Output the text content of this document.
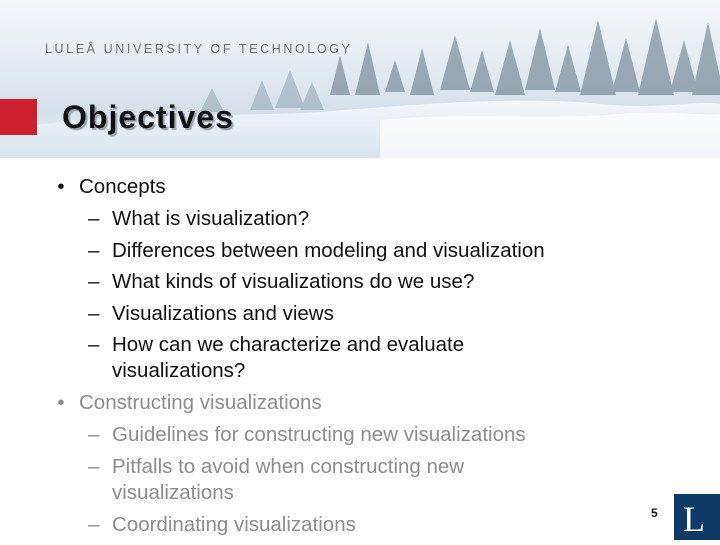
LULEÅ UNIVERSITY OF TECHNOLOGY
Objectives
• Concepts
– What is visualization?
– Differences between modeling and visualization
– What kinds of visualizations do we use?
– Visualizations and views
– How can we characterize and evaluate
visualizations?
• Constructing visualizations
– Guidelines for constructing new visualizations
– Pitfalls to avoid when constructing new
visualizations
– Coordinating visualizations	5 L
